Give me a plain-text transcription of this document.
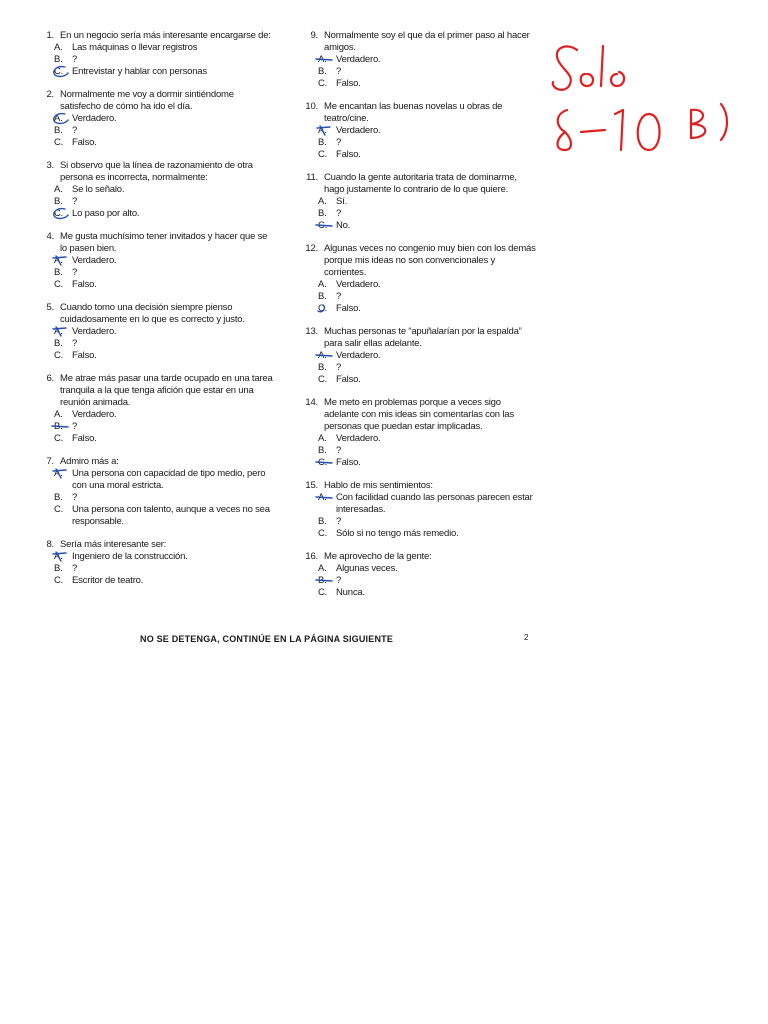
1. En un negocio sería más interesante encargarse de:
A. Las máquinas o llevar registros
B. ?
C. Entrevistar y hablar con personas
2. Normalmente me voy a dormir sintiéndome satisfecho de cómo ha ido el día.
A. Verdadero.
B. ?
C. Falso.
3. Si observo que la línea de razonamiento de otra persona es incorrecta, normalmente:
A. Se lo señalo.
B. ?
C. Lo paso por alto.
4. Me gusta muchísimo tener invitados y hacer que se lo pasen bien.
A. Verdadero.
B. ?
C. Falso.
5. Cuando tomo una decisión siempre pienso cuidadosamente en lo que es correcto y justo.
A. Verdadero.
B. ?
C. Falso.
6. Me atrae más pasar una tarde ocupado en una tarea tranquila a la que tenga afición que estar en una reunión animada.
A. Verdadero.
B. ?
C. Falso.
7. Admiro más a:
A. Una persona con capacidad de tipo medio, pero con una moral estricta.
B. ?
C. Una persona con talento, aunque a veces no sea responsable.
8. Sería más interesante ser:
A. Ingeniero de la construcción.
B. ?
C. Escritor de teatro.
9. Normalmente soy el que da el primer paso al hacer amigos.
A. Verdadero.
B. ?
C. Falso.
10. Me encantan las buenas novelas u obras de teatro/cine.
A. Verdadero.
B. ?
C. Falso.
11. Cuando la gente autoritaria trata de dominarme, hago justamente lo contrario de lo que quiere.
A. Sí.
B. ?
C. No.
12. Algunas veces no congenio muy bien con los demás porque mis ideas no son convencionales y corrientes.
A. Verdadero.
B. ?
C. Falso.
13. Muchas personas te “apuñalarían por la espalda” para salir ellas adelante.
A. Verdadero.
B. ?
C. Falso.
14. Me meto en problemas porque a veces sigo adelante con mis ideas sin comentarlas con las personas que puedan estar implicadas.
A. Verdadero.
B. ?
C. Falso.
15. Hablo de mis sentimientos:
A. Con facilidad cuando las personas parecen estar interesadas.
B. ?
C. Sólo si no tengo más remedio.
16. Me aprovecho de la gente:
A. Algunas veces.
B. ?
C. Nunca.
NO SE DETENGA, CONTINÚE EN LA PÁGINA SIGUIENTE	2
